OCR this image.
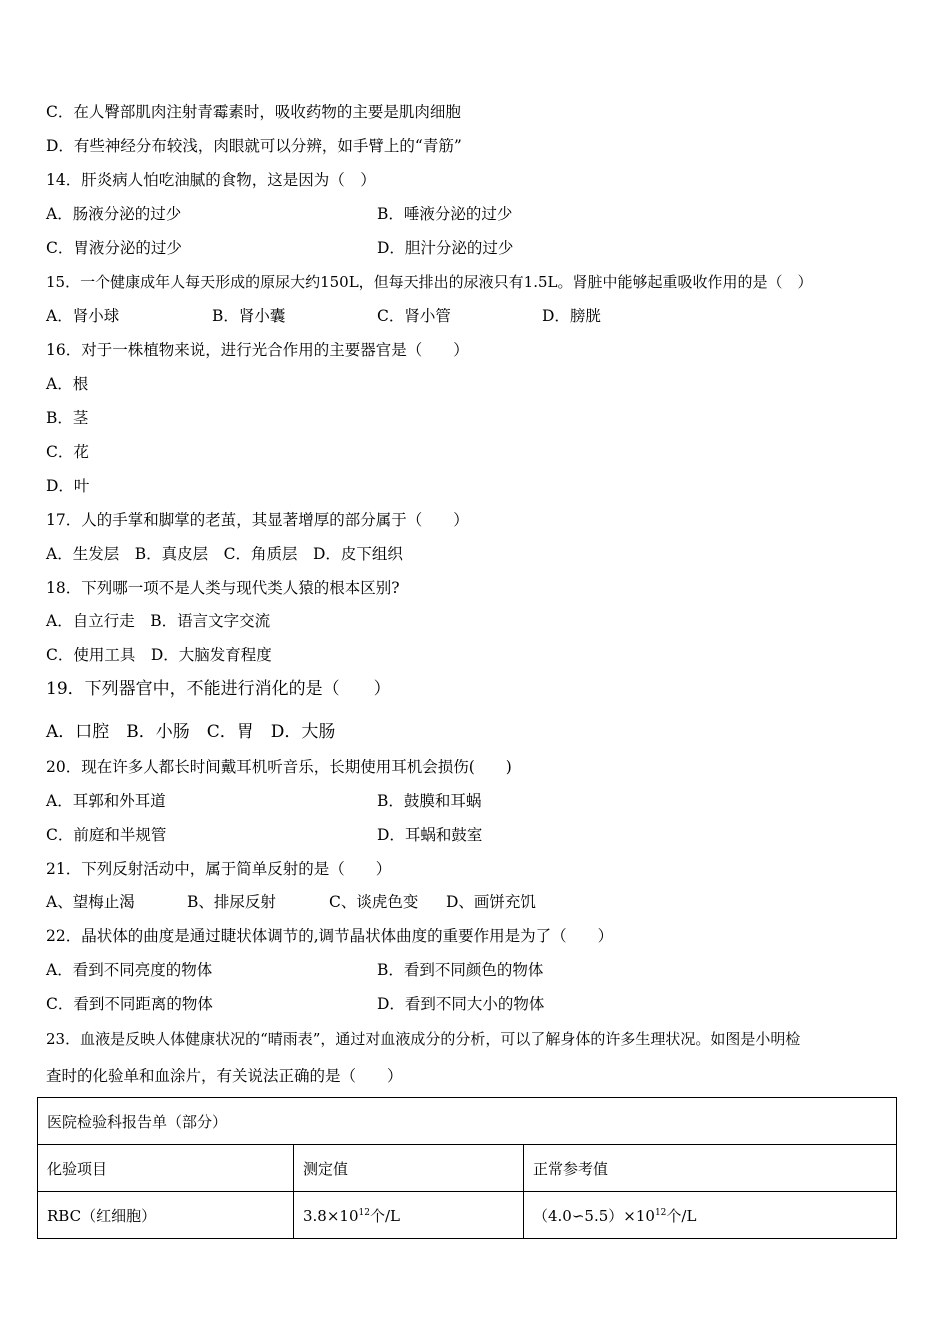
C．在人臀部肌肉注射青霉素时，吸收药物的主要是肌肉细胞
D．有些神经分布较浅，肉眼就可以分辨，如手臂上的“青筋”
14．肝炎病人怕吃油腻的食物，这是因为（　）
A．肠液分泌的过少	B．唾液分泌的过少
C．胃液分泌的过少	D．胆汁分泌的过少
15．一个健康成年人每天形成的原尿大约150L，但每天排出的尿液只有1.5L。肾脏中能够起重吸收作用的是（　）
A．肾小球	B．肾小囊	C．肾小管	D．膀胱
16．对于一株植物来说，进行光合作用的主要器官是（　　）
A．根
B．茎
C．花
D．叶
17．人的手掌和脚掌的老茧，其显著增厚的部分属于（　　）
A．生发层　B．真皮层　C．角质层　D．皮下组织
18．下列哪一项不是人类与现代类人猿的根本区别?
A．自立行走　B．语言文字交流
C．使用工具　D．大脑发育程度
19．下列器官中，不能进行消化的是（　　）
A．口腔　B．小肠　C．胃　D．大肠
20．现在许多人都长时间戴耳机听音乐，长期使用耳机会损伤(　　)
A．耳郭和外耳道	B．鼓膜和耳蜗
C．前庭和半规管	D．耳蜗和鼓室
21．下列反射活动中，属于简单反射的是（　　）
A、望梅止渴	B、排尿反射	C、谈虎色变 D、画饼充饥
22．晶状体的曲度是通过睫状体调节的,调节晶状体曲度的重要作用是为了（　　）
A．看到不同亮度的物体	B．看到不同颜色的物体
C．看到不同距离的物体	D．看到不同大小的物体
23．血液是反映人体健康状况的“晴雨表”，通过对血液成分的分析，可以了解身体的许多生理状况。如图是小明检
查时的化验单和血涂片，有关说法正确的是（　　）
医院检验科报告单（部分）		
化验项目	测定值	正常参考值
RBC（红细胞）	$3.8\times 10^{12}$个/L	$(4.0∽5.5)\times 10^{12}$个/L
